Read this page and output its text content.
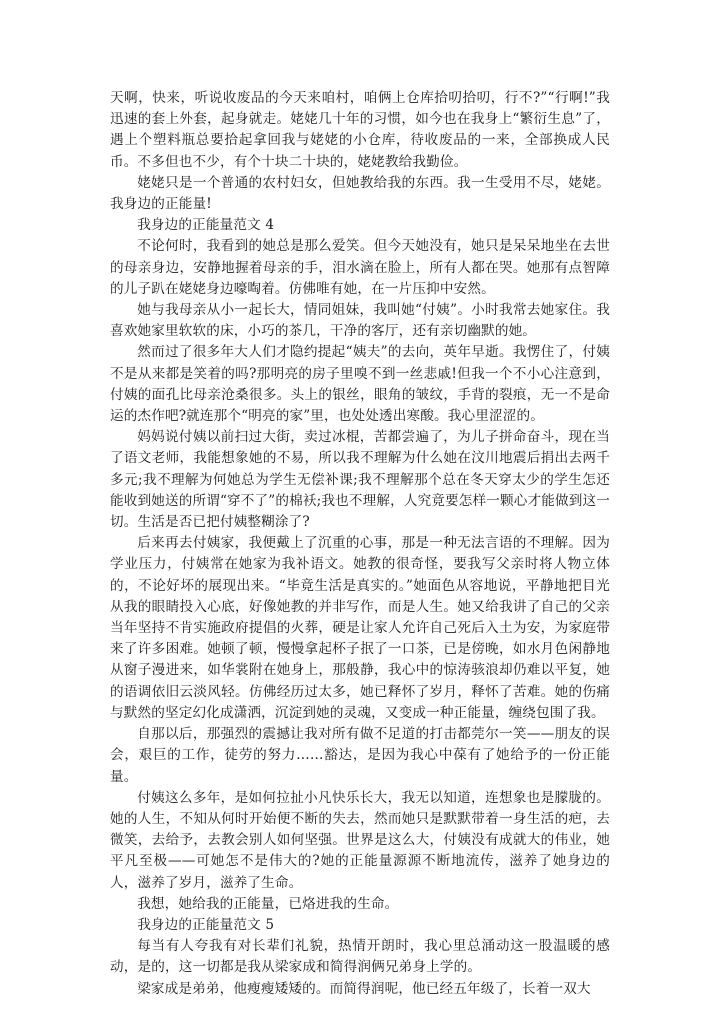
天啊，快来，听说收废品的今天来咱村，咱俩上仓库拾叨拾叨，行不?”“行啊!”我迅速的套上外套，起身就走。姥姥几十年的习惯，如今也在我身上“繁衍生息”了，遇上个塑料瓶总要拾起拿回我与姥姥的小仓库，待收废品的一来，全部换成人民币。不多但也不少，有个十块二十块的，姥姥教给我勤俭。

姥姥只是一个普通的农村妇女，但她教给我的东西。我一生受用不尽，姥姥。我身边的正能量!

我身边的正能量范文 4

不论何时，我看到的她总是那么爱笑。但今天她没有，她只是呆呆地坐在去世的母亲身边，安静地握着母亲的手，泪水滴在脸上，所有人都在哭。她那有点智障的儿子趴在姥姥身边嚎啕着。仿佛唯有她，在一片压抑中安然。

她与我母亲从小一起长大，情同姐妹，我叫她“付姨”。小时我常去她家住。我喜欢她家里软软的床，小巧的茶几，干净的客厅，还有亲切幽默的她。

然而过了很多年大人们才隐约提起“姨夫”的去向，英年早逝。我愣住了，付姨不是从来都是笑着的吗?那明亮的房子里嗅不到一丝悲戚!但我一个不小心注意到，付姨的面孔比母亲沧桑很多。头上的银丝，眼角的皱纹，手背的裂痕，无一不是命运的杰作吧?就连那个“明亮的家”里，也处处透出寒酸。我心里涩涩的。

妈妈说付姨以前扫过大街，卖过冰棍，苦都尝遍了，为儿子拼命奋斗，现在当了语文老师，我能想象她的不易，所以我不理解为什么她在汶川地震后捐出去两千多元;我不理解为何她总为学生无偿补课;我不理解那个总在冬天穿太少的学生怎还能收到她送的所谓“穿不了”的棉袄;我也不理解，人究竟要怎样一颗心才能做到这一切。生活是否已把付姨整糊涂了?

后来再去付姨家，我便戴上了沉重的心事，那是一种无法言语的不理解。因为学业压力，付姨常在她家为我补语文。她教的很奇怪，要我写父亲时将人物立体的，不论好坏的展现出来。“毕竟生活是真实的。”她面色从容地说，平静地把目光从我的眼睛投入心底，好像她教的并非写作，而是人生。她又给我讲了自己的父亲当年坚持不肯实施政府提倡的火葬，硬是让家人允许自己死后入土为安，为家庭带来了许多困难。她顿了顿，慢慢拿起杯子抿了一口茶，已是傍晚，如水月色闲静地从窗子漫进来，如华裳附在她身上，那般静，我心中的惊涛骇浪却仍难以平复，她的语调依旧云淡风轻。仿佛经历过太多，她已释怀了岁月，释怀了苦难。她的伤痛与默然的坚定幻化成潇洒，沉淀到她的灵魂，又变成一种正能量，缠绕包围了我。

自那以后，那强烈的震撼让我对所有做不足道的打击都莞尔一笑——朋友的误会，艰巨的工作，徒劳的努力……豁达，是因为我心中葆有了她给予的一份正能量。

付姨这么多年，是如何拉扯小凡快乐长大，我无以知道，连想象也是朦胧的。她的人生，不知从何时开始便不断的失去，然而她只是默默带着一身生活的疤，去微笑，去给予，去教会别人如何坚强。世界是这么大，付姨没有成就大的伟业，她平凡至极——可她怎不是伟大的?她的正能量源源不断地流传，滋养了她身边的人，滋养了岁月，滋养了生命。

我想，她给我的正能量，已烙进我的生命。

我身边的正能量范文 5

每当有人夸我有对长辈们礼貌，热情开朗时，我心里总涌动这一股温暖的感动，是的，这一切都是我从梁家成和简得润俩兄弟身上学的。

梁家成是弟弟，他瘦瘦矮矮的。而简得润呢，他已经五年级了，长着一双大
